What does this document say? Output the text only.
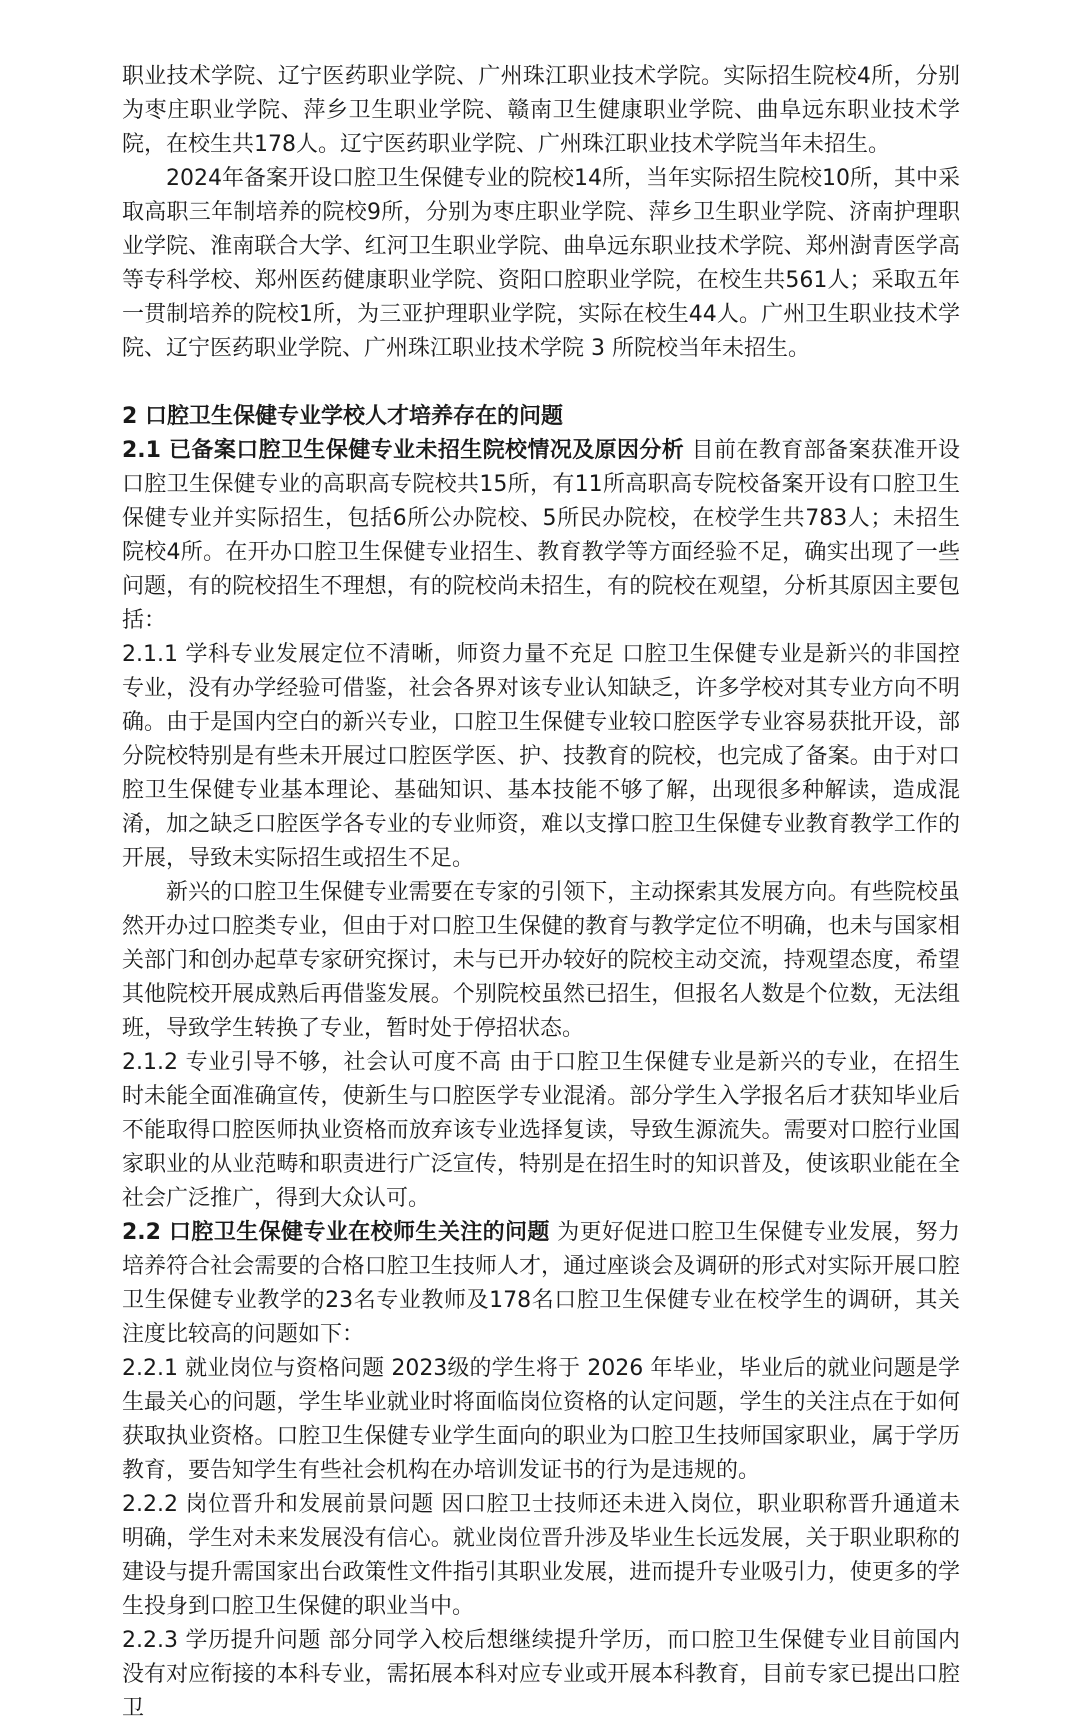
职业技术学院、辽宁医药职业学院、广州珠江职业技术学院。实际招生院校4所，分别为枣庄职业学院、萍乡卫生职业学院、赣南卫生健康职业学院、曲阜远东职业技术学院，在校生共178人。辽宁医药职业学院、广州珠江职业技术学院当年未招生。

2024年备案开设口腔卫生保健专业的院校14所，当年实际招生院校10所，其中采取高职三年制培养的院校9所，分别为枣庄职业学院、萍乡卫生职业学院、济南护理职业学院、淮南联合大学、红河卫生职业学院、曲阜远东职业技术学院、郑州澍青医学高等专科学校、郑州医药健康职业学院、资阳口腔职业学院，在校生共561人；采取五年一贯制培养的院校1所，为三亚护理职业学院，实际在校生44人。广州卫生职业技术学院、辽宁医药职业学院、广州珠江职业技术学院 3 所院校当年未招生。

2 口腔卫生保健专业学校人才培养存在的问题

2.1 已备案口腔卫生保健专业未招生院校情况及原因分析 目前在教育部备案获准开设口腔卫生保健专业的高职高专院校共15所，有11所高职高专院校备案开设有口腔卫生保健专业并实际招生，包括6所公办院校、5所民办院校，在校学生共783人；未招生院校4所。在开办口腔卫生保健专业招生、教育教学等方面经验不足，确实出现了一些问题，有的院校招生不理想，有的院校尚未招生，有的院校在观望，分析其原因主要包括：

2.1.1 学科专业发展定位不清晰，师资力量不充足 口腔卫生保健专业是新兴的非国控专业，没有办学经验可借鉴，社会各界对该专业认知缺乏，许多学校对其专业方向不明确。由于是国内空白的新兴专业，口腔卫生保健专业较口腔医学专业容易获批开设，部分院校特别是有些未开展过口腔医学医、护、技教育的院校，也完成了备案。由于对口腔卫生保健专业基本理论、基础知识、基本技能不够了解，出现很多种解读，造成混淆，加之缺乏口腔医学各专业的专业师资，难以支撑口腔卫生保健专业教育教学工作的开展，导致未实际招生或招生不足。

新兴的口腔卫生保健专业需要在专家的引领下，主动探索其发展方向。有些院校虽然开办过口腔类专业，但由于对口腔卫生保健的教育与教学定位不明确，也未与国家相关部门和创办起草专家研究探讨，未与已开办较好的院校主动交流，持观望态度，希望其他院校开展成熟后再借鉴发展。个别院校虽然已招生，但报名人数是个位数，无法组班，导致学生转换了专业，暂时处于停招状态。

2.1.2 专业引导不够，社会认可度不高 由于口腔卫生保健专业是新兴的专业，在招生时未能全面准确宣传，使新生与口腔医学专业混淆。部分学生入学报名后才获知毕业后不能取得口腔医师执业资格而放弃该专业选择复读，导致生源流失。需要对口腔行业国家职业的从业范畴和职责进行广泛宣传，特别是在招生时的知识普及，使该职业能在全社会广泛推广，得到大众认可。

2.2 口腔卫生保健专业在校师生关注的问题 为更好促进口腔卫生保健专业发展，努力培养符合社会需要的合格口腔卫生技师人才，通过座谈会及调研的形式对实际开展口腔卫生保健专业教学的23名专业教师及178名口腔卫生保健专业在校学生的调研，其关注度比较高的问题如下：

2.2.1 就业岗位与资格问题 2023级的学生将于 2026 年毕业，毕业后的就业问题是学生最关心的问题，学生毕业就业时将面临岗位资格的认定问题，学生的关注点在于如何获取执业资格。口腔卫生保健专业学生面向的职业为口腔卫生技师国家职业，属于学历教育，要告知学生有些社会机构在办培训发证书的行为是违规的。

2.2.2 岗位晋升和发展前景问题 因口腔卫士技师还未进入岗位，职业职称晋升通道未明确，学生对未来发展没有信心。就业岗位晋升涉及毕业生长远发展，关于职业职称的建设与提升需国家出台政策性文件指引其职业发展，进而提升专业吸引力，使更多的学生投身到口腔卫生保健的职业当中。

2.2.3 学历提升问题 部分同学入校后想继续提升学历，而口腔卫生保健专业目前国内没有对应衔接的本科专业，需拓展本科对应专业或开展本科教育，目前专家已提出口腔卫
